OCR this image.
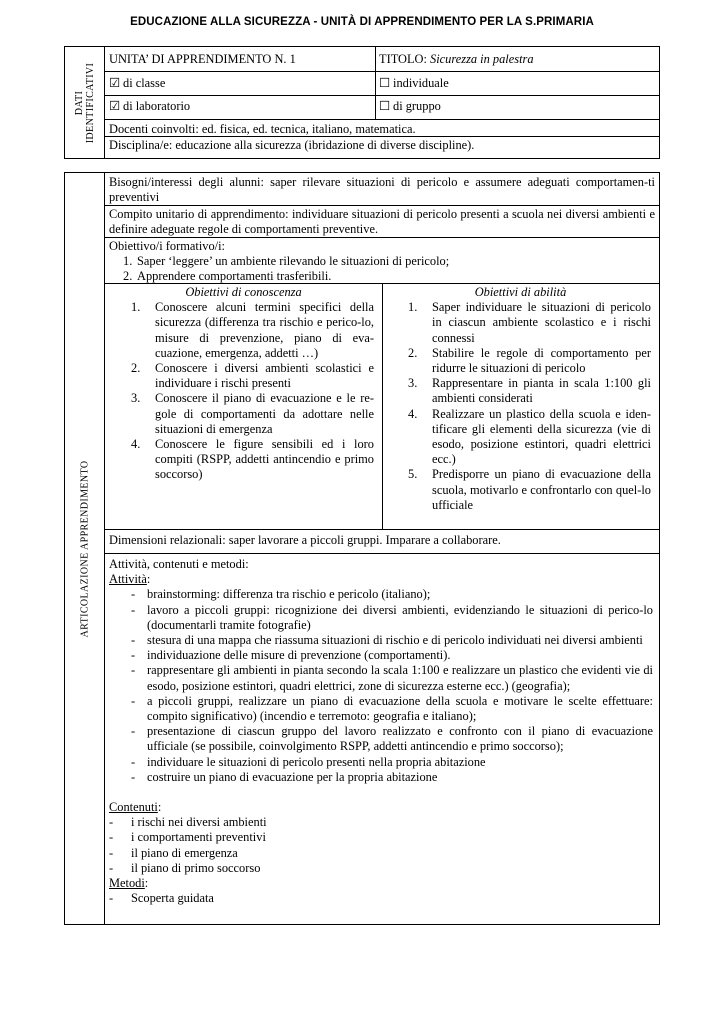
EDUCAZIONE ALLA SICUREZZA - UNITÀ DI APPRENDIMENTO PER LA S.PRIMARIA
DATI IDENTIFICATIVI
UNITA’ DI APPRENDIMENTO N. 1	TITOLO: Sicurezza in palestra
☑ di classe	☐ individuale
☑ di laboratorio	☐ di gruppo
Docenti coinvolti: ed. fisica, ed. tecnica, italiano, matematica.
Disciplina/e: educazione alla sicurezza (ibridazione di diverse discipline).
ARTICOLAZIONE APPRENDIMENTO
Bisogni/interessi degli alunni: saper rilevare situazioni di pericolo e assumere adeguati comportamen-ti preventivi
Compito unitario di apprendimento: individuare situazioni di pericolo presenti a scuola nei diversi ambienti e definire adeguate regole di comportamenti preventive.
Obiettivo/i formativo/i:
1. Saper ‘leggere’ un ambiente rilevando le situazioni di pericolo;
2. Apprendere comportamenti trasferibili.
Obiettivi di conoscenza
1. Conoscere alcuni termini specifici della sicurezza (differenza tra rischio e perico-lo, misure di prevenzione, piano di eva-cuazione, emergenza, addetti …)
2. Conoscere i diversi ambienti scolastici e individuare i rischi presenti
3. Conoscere il piano di evacuazione e le re-gole di comportamenti da adottare nelle situazioni di emergenza
4. Conoscere le figure sensibili ed i loro compiti (RSPP, addetti antincendio e primo soccorso)
Obiettivi di abilità
1. Saper individuare le situazioni di pericolo in ciascun ambiente scolastico e i rischi connessi
2. Stabilire le regole di comportamento per ridurre le situazioni di pericolo
3. Rappresentare in pianta in scala 1:100 gli ambienti considerati
4. Realizzare un plastico della scuola e iden-tificare gli elementi della sicurezza (vie di esodo, posizione estintori, quadri elettrici ecc.)
5. Predisporre un piano di evacuazione della scuola, motivarlo e confrontarlo con quel-lo ufficiale
Dimensioni relazionali: saper lavorare a piccoli gruppi. Imparare a collaborare.
Attività, contenuti e metodi:
Attività:
- brainstorming: differenza tra rischio e pericolo (italiano);
- lavoro a piccoli gruppi: ricognizione dei diversi ambienti, evidenziando le situazioni di perico-lo (documentarli tramite fotografie)
- stesura di una mappa che riassuma situazioni di rischio e di pericolo individuati nei diversi ambienti
- individuazione delle misure di prevenzione (comportamenti).
- rappresentare gli ambienti in pianta secondo la scala 1:100 e realizzare un plastico che evidenti vie di esodo, posizione estintori, quadri elettrici, zone di sicurezza esterne ecc.) (geografia);
- a piccoli gruppi, realizzare un piano di evacuazione della scuola e motivare le scelte effettuare: compito significativo) (incendio e terremoto: geografia e italiano);
- presentazione di ciascun gruppo del lavoro realizzato e confronto con il piano di evacuazione ufficiale (se possibile, coinvolgimento RSPP, addetti antincendio e primo soccorso);
- individuare le situazioni di pericolo presenti nella propria abitazione
- costruire un piano di evacuazione per la propria abitazione
Contenuti:
- i rischi nei diversi ambienti
- i comportamenti preventivi
- il piano di emergenza
- il piano di primo soccorso
Metodi:
- Scoperta guidata
